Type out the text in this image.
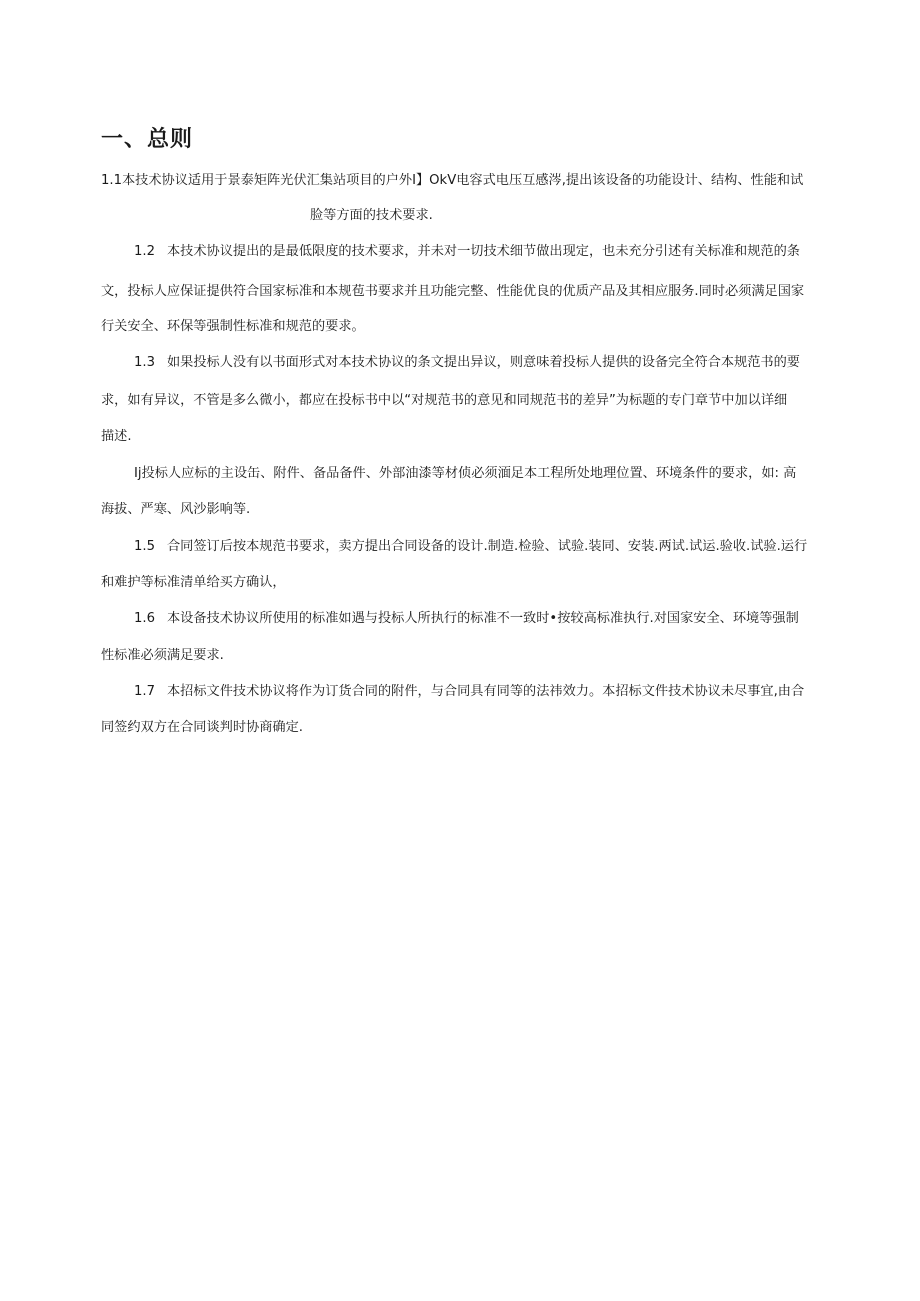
一、总则
1.1本技术协议适用于景泰矩阵光伏汇集站项目的户外I】OkV电容式电压互感涔,提出该设备的功能设计、结构、性能和试
脸等方面的技术要求.
1.2 本技术协议提出的是最低限度的技术要求，并未对一切技术细节做出现定，也未充分引述有关标准和规范的条
文，投标人应保证提供符合国家标准和本规苞书要求并且功能完整、性能优良的优质产品及其相应服务.同时必须满足国家
行关安全、环保等强制性标准和规范的要求。
1.3 如果投标人没有以书面形式对本技术协议的条文提出异议，则意味着投标人提供的设备完全符合本规范书的要
求，如有异议，不管是多么微小，都应在投标书中以“对规范书的意见和同规范书的差异”为标题的专门章节中加以详细
描述.
Ij投标人应标的主设缶、附件、备品备件、外部油漆等材侦必须湎足本工程所处地理位置、环境条件的要求，如: 高
海拔、严寒、风沙影响等.
1.5 合同签订后按本规范书要求，卖方提出合同设备的设计.制造.检验、试验.装同、安装.两试.试运.验收.试验.运行
和难护等标准清单给买方确认，
1.6 本设备技术协议所使用的标准如遇与投标人所执行的标准不一致时•按较高标准执行.对国家安全、环境等强制
性标准必须满足要求.
1.7 本招标文件技术协议将作为订货合同的附件，与合同具有同等的法祎效力。本招标文件技术协议未尽事宜,由合
同签约双方在合同谈判时协商确定.
